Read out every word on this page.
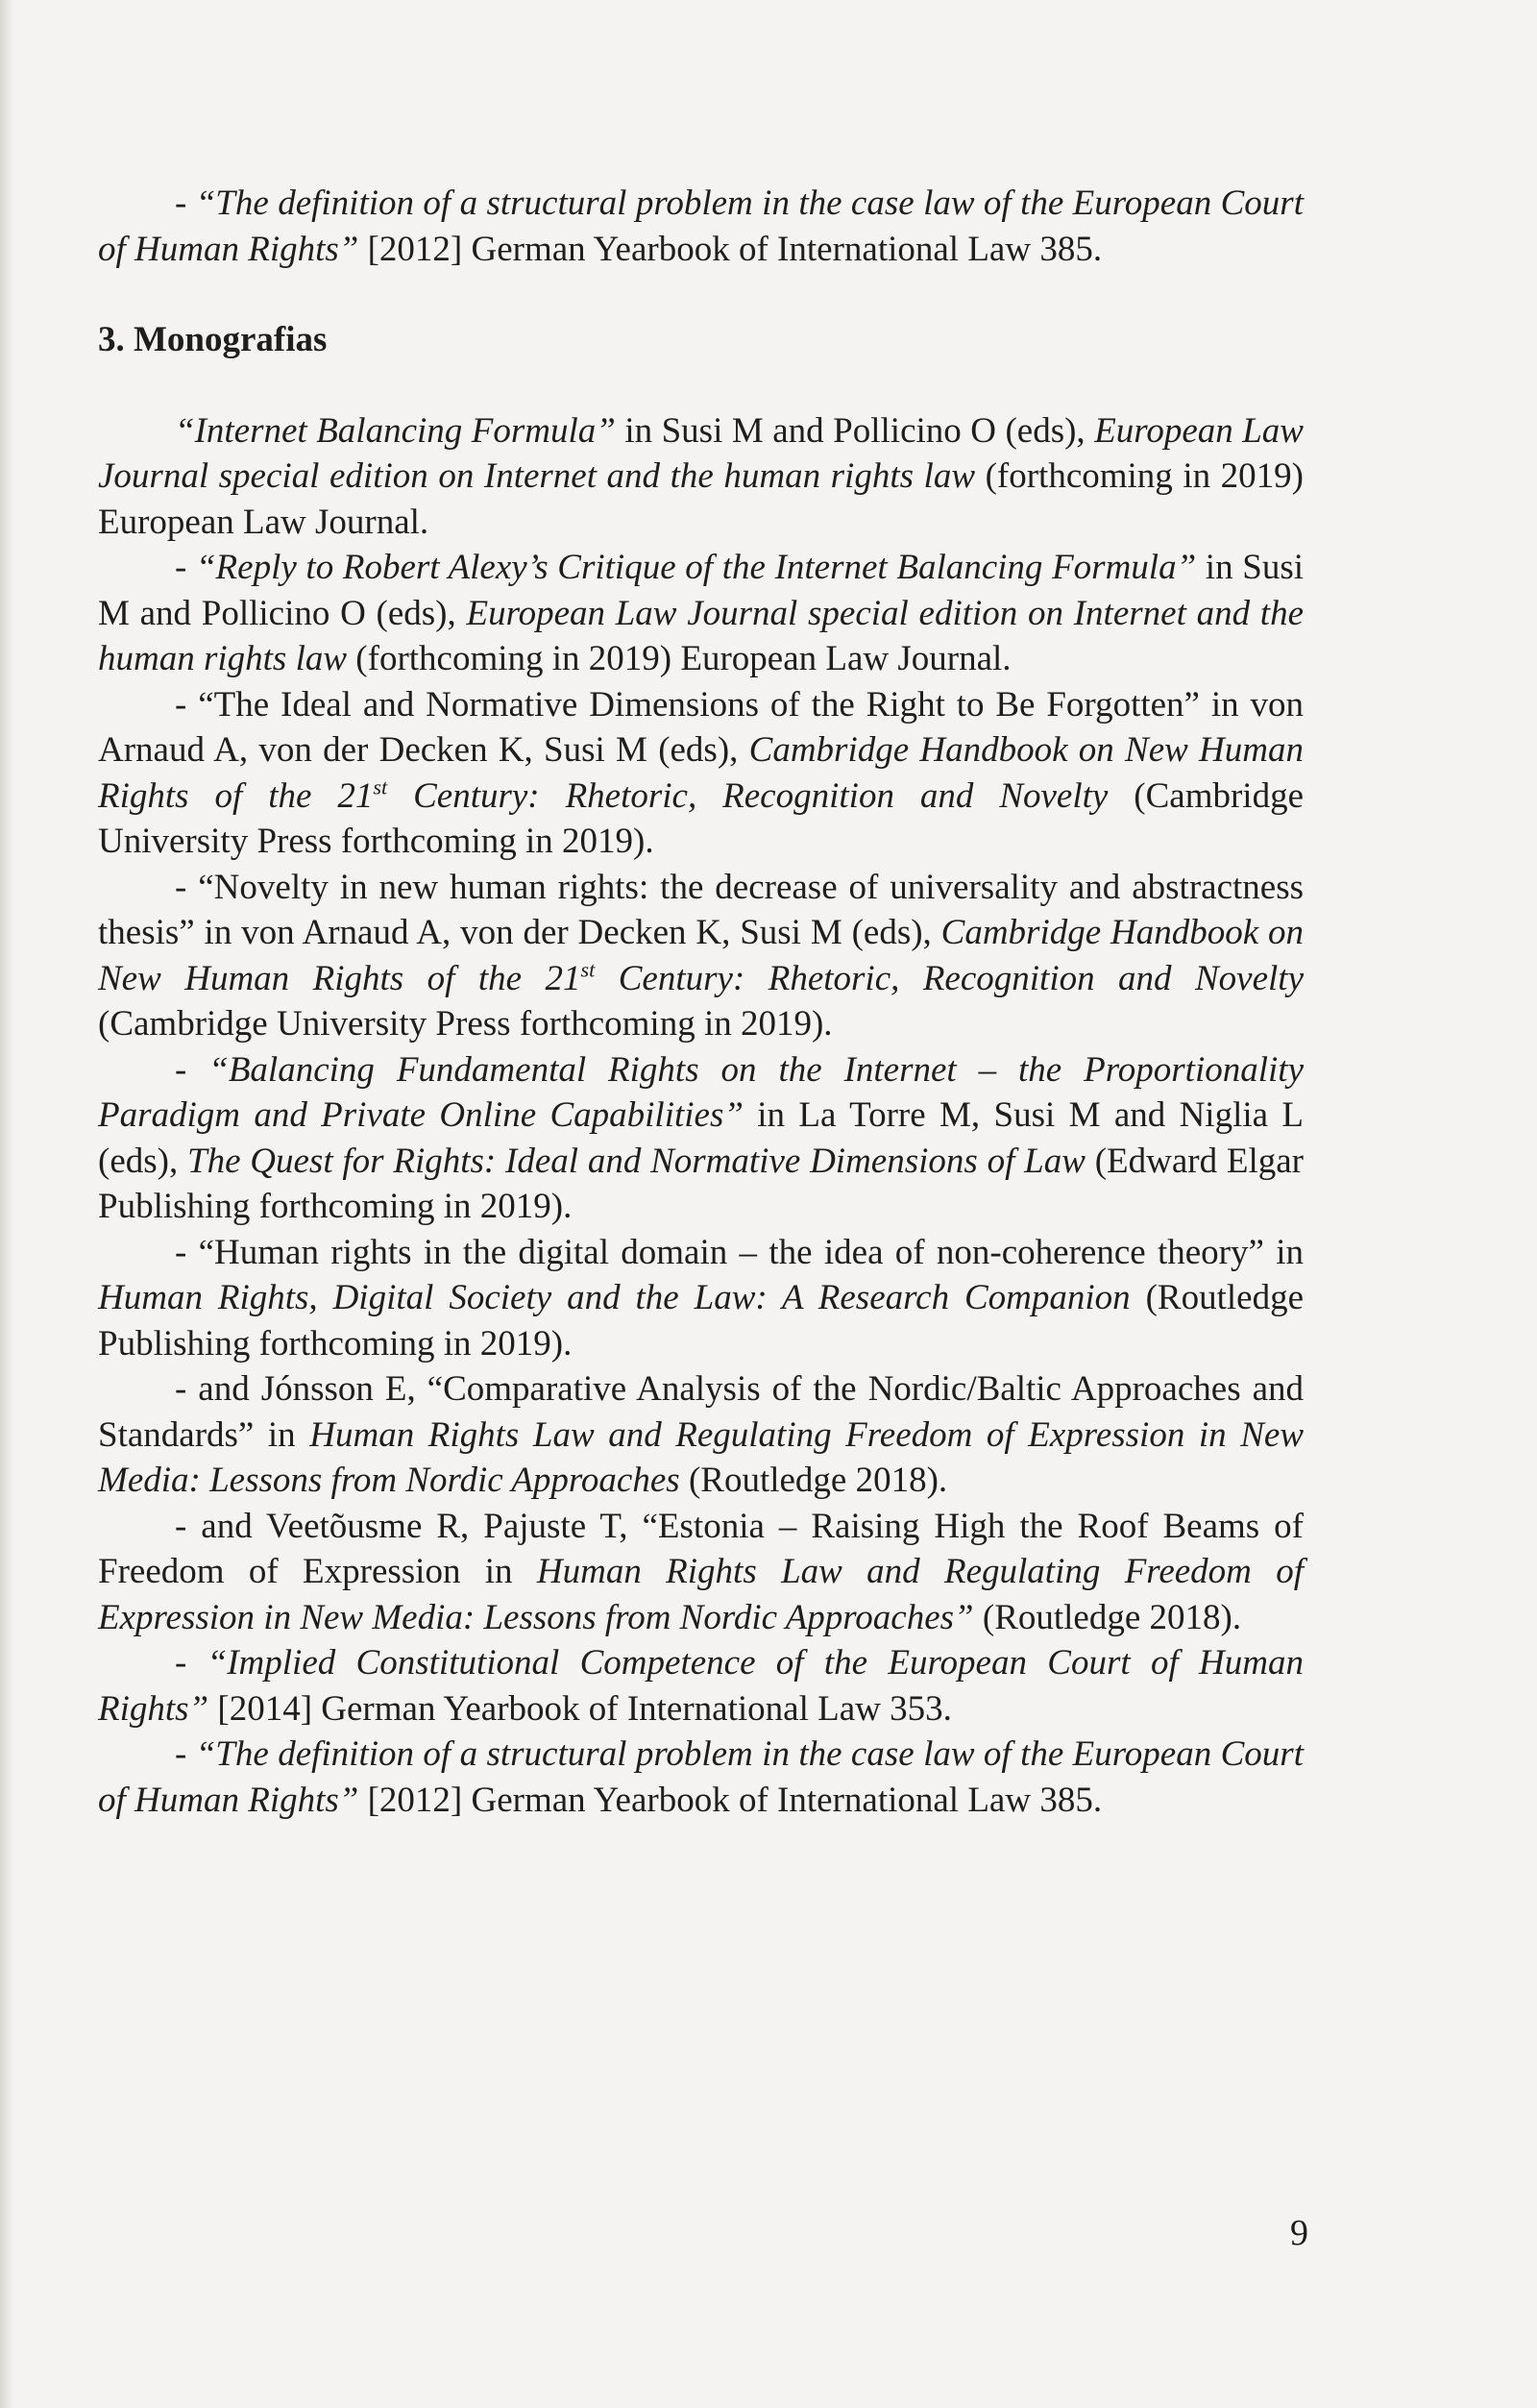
- “The definition of a structural problem in the case law of the European Court of Human Rights” [2012] German Yearbook of International Law 385.

3. Monografias

“Internet Balancing Formula” in Susi M and Pollicino O (eds), European Law Journal special edition on Internet and the human rights law (forthcoming in 2019) European Law Journal.

- “Reply to Robert Alexy’s Critique of the Internet Balancing Formula” in Susi M and Pollicino O (eds), European Law Journal special edition on Internet and the human rights law (forthcoming in 2019) European Law Journal.

- “The Ideal and Normative Dimensions of the Right to Be Forgotten” in von Arnaud A, von der Decken K, Susi M (eds), Cambridge Handbook on New Human Rights of the 21st Century: Rhetoric, Recognition and Novelty (Cambridge University Press forthcoming in 2019).

- “Novelty in new human rights: the decrease of universality and abstractness thesis” in von Arnaud A, von der Decken K, Susi M (eds), Cambridge Handbook on New Human Rights of the 21st Century: Rhetoric, Recognition and Novelty (Cambridge University Press forthcoming in 2019).

- “Balancing Fundamental Rights on the Internet – the Proportionality Paradigm and Private Online Capabilities” in La Torre M, Susi M and Niglia L (eds), The Quest for Rights: Ideal and Normative Dimensions of Law (Edward Elgar Publishing forthcoming in 2019).

- “Human rights in the digital domain – the idea of non-coherence theory” in Human Rights, Digital Society and the Law: A Research Companion (Routledge Publishing forthcoming in 2019).

- and Jónsson E, “Comparative Analysis of the Nordic/Baltic Approaches and Standards” in Human Rights Law and Regulating Freedom of Expression in New Media: Lessons from Nordic Approaches (Routledge 2018).

- and Veetõusme R, Pajuste T, “Estonia – Raising High the Roof Beams of Freedom of Expression in Human Rights Law and Regulating Freedom of Expression in New Media: Lessons from Nordic Approaches” (Routledge 2018).

- “Implied Constitutional Competence of the European Court of Human Rights” [2014] German Yearbook of International Law 353.

- “The definition of a structural problem in the case law of the European Court of Human Rights” [2012] German Yearbook of International Law 385.

9
